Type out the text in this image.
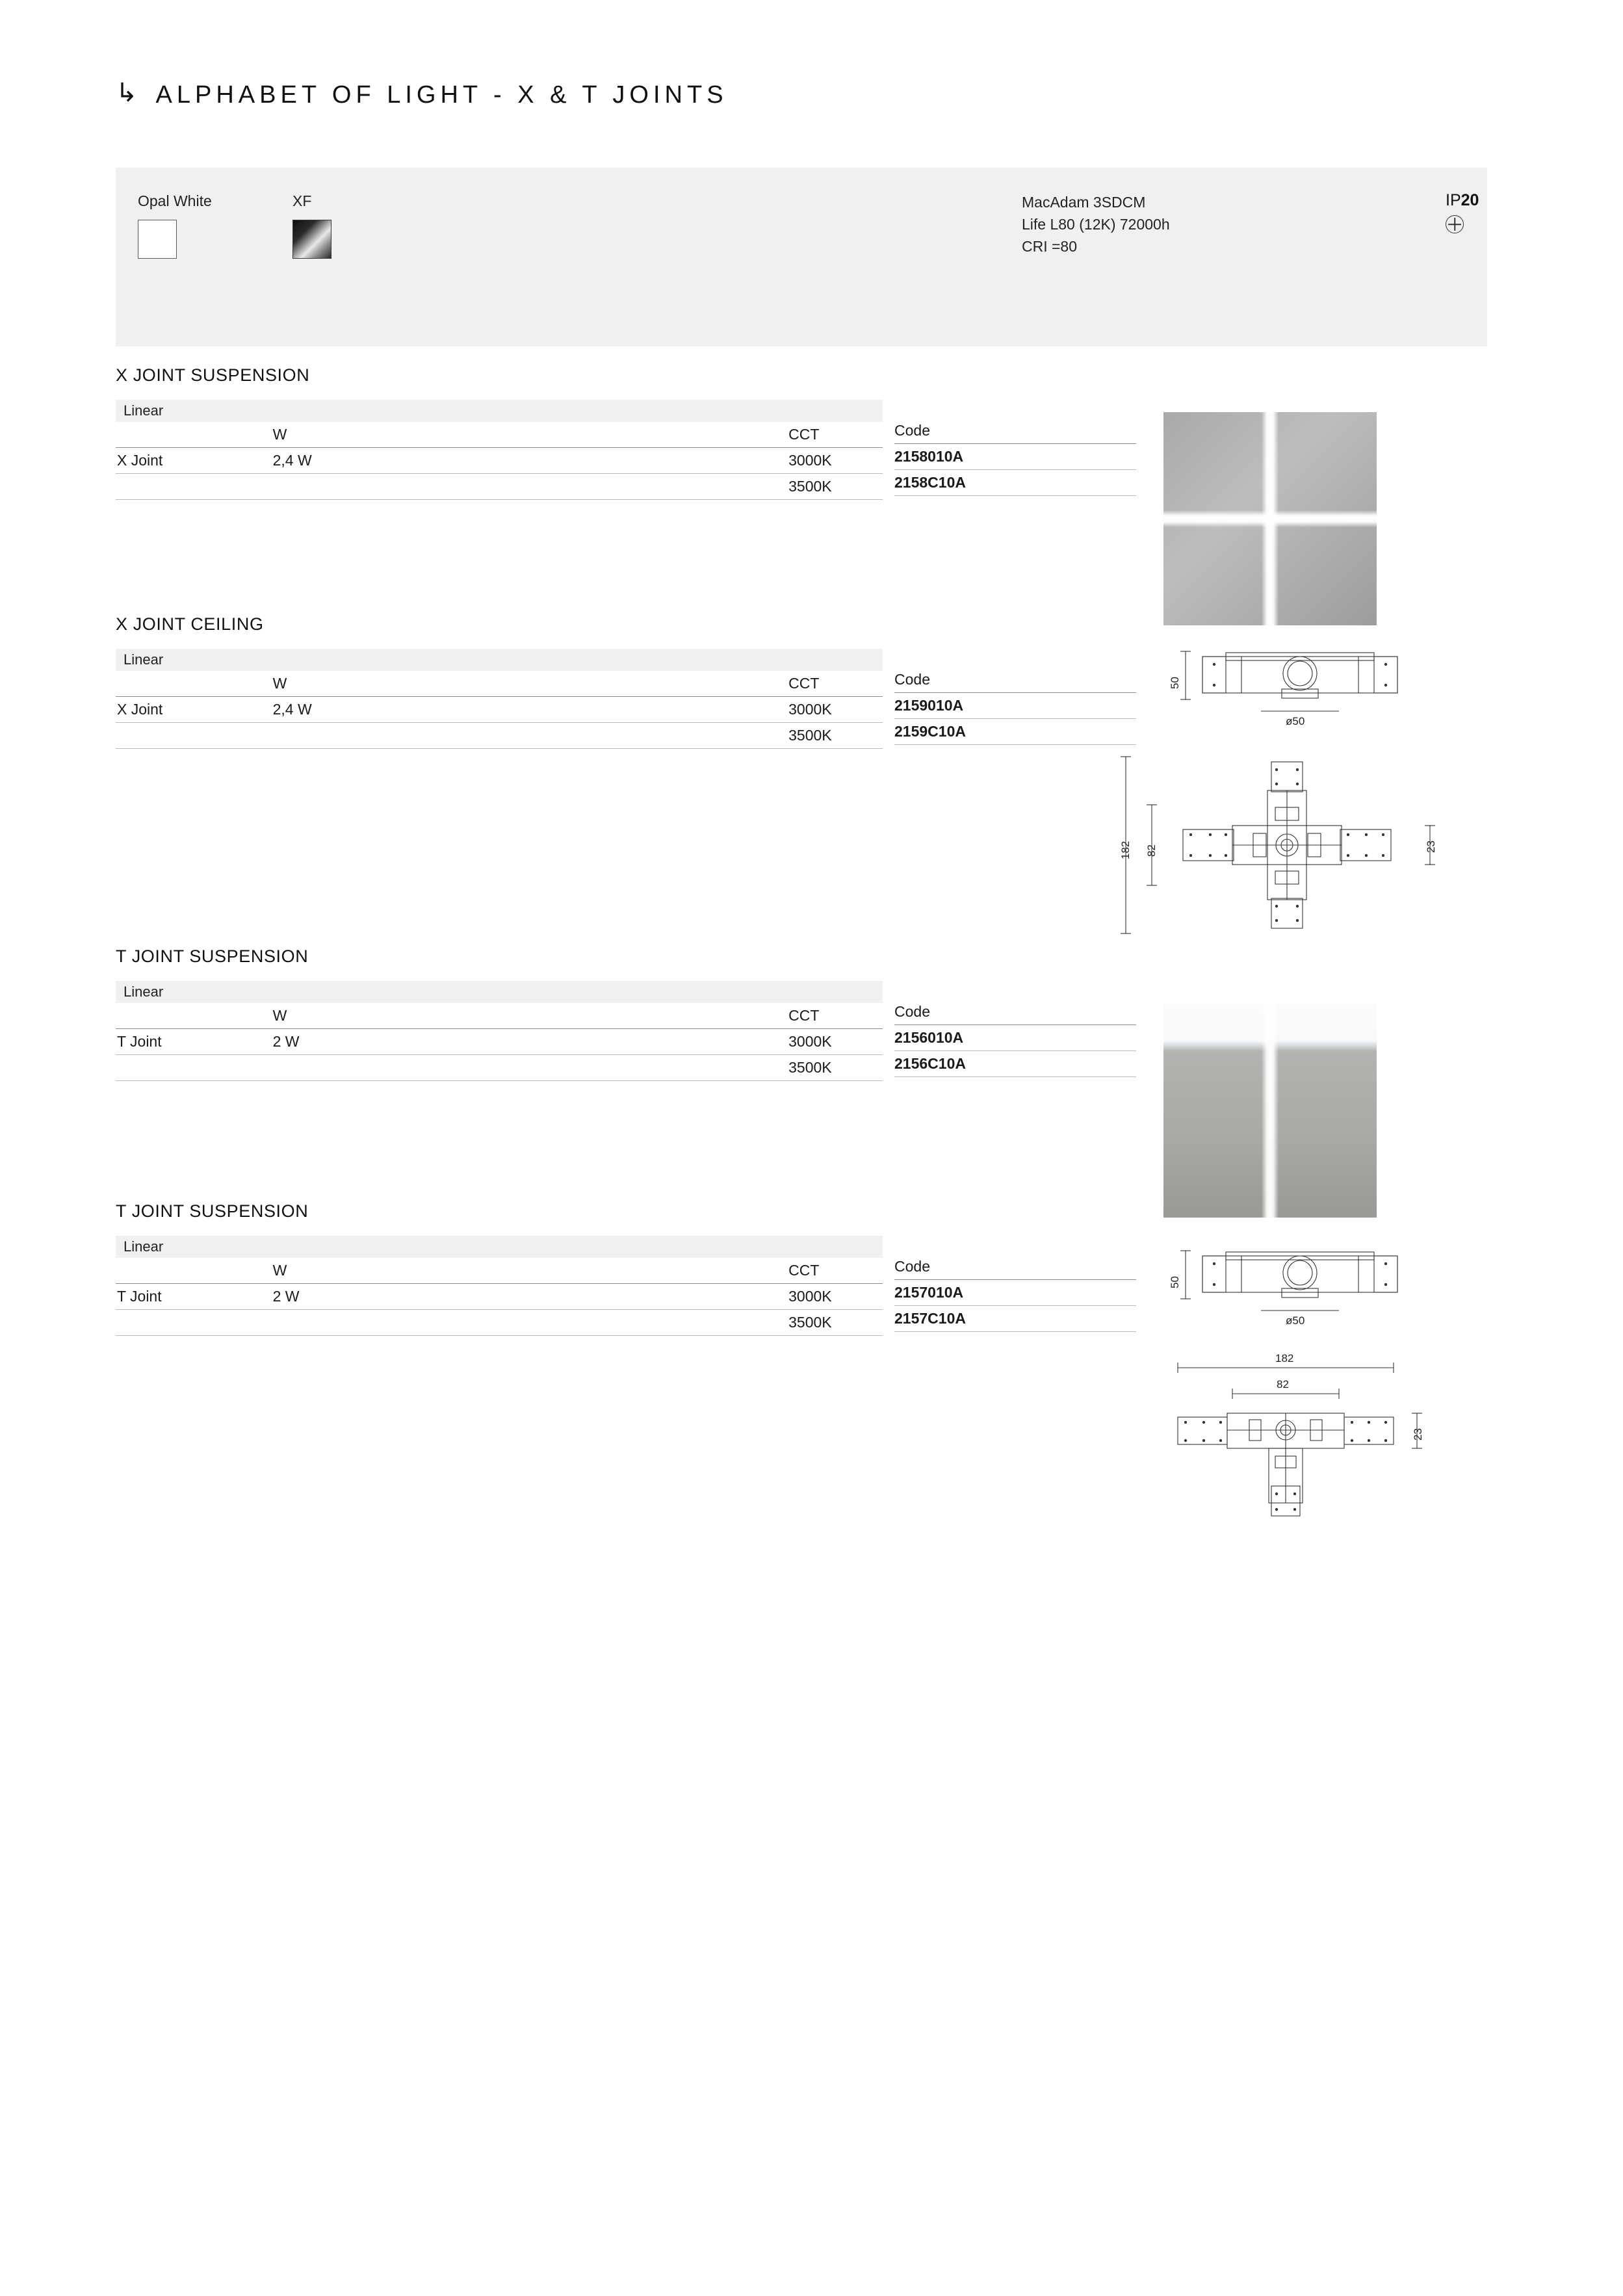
↳ ALPHABET OF LIGHT - X & T JOINTS
Opal White	XF	MacAdam 3SDCM
Life L80 (12K) 72000h
CRI =80
IP20
X JOINT SUSPENSION
Linear
	W	CCT
X Joint	2,4 W	3000K
		3500K
Code
2158010A
2158C10A
X JOINT CEILING
Linear
	W	CCT
X Joint	2,4 W	3000K
		3500K
Code
2159010A
2159C10A
50
ø50
182 82	23
T JOINT SUSPENSION
Linear
	W	CCT
T Joint	2 W	3000K
		3500K
Code
2156010A
2156C10A
T JOINT SUSPENSION
Linear
	W	CCT
T Joint	2 W	3000K
		3500K
Code
2157010A
2157C10A
50
ø50
182
82
23
